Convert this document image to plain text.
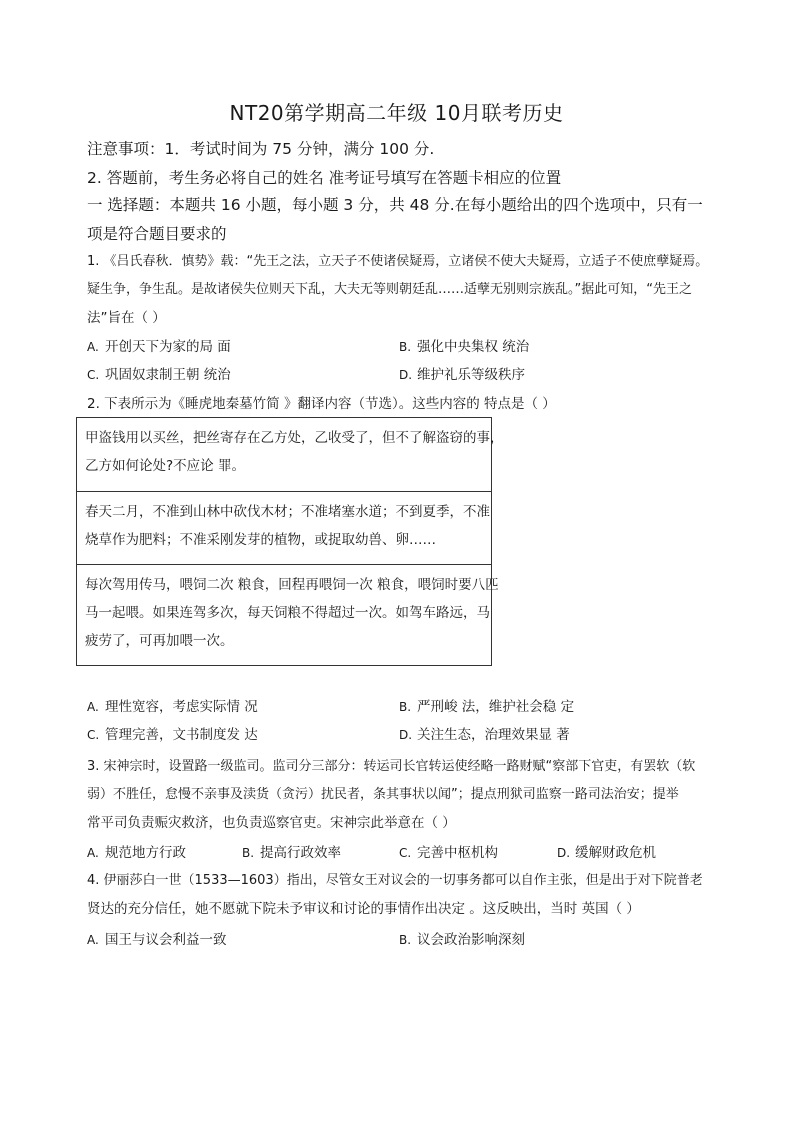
NT20第学期高二年级 10月联考历史
注意事项：1．考试时间为 75 分钟，满分 100 分.
2. 答题前，考生务必将自己的姓名 准考证号填写在答题卡相应的位置
一 选择题：本题共 16 小题，每小题 3 分，共 48 分.在每小题给出的四个选项中，只有一
项是符合题目要求的
1. 《吕氏春秋．慎势》载：“先王之法，立天子不使诸侯疑焉，立诸侯不使大夫疑焉，立适子不使庶孽疑焉。
疑生争，争生乱。是故诸侯失位则天下乱，大夫无等则朝廷乱……适孽无别则宗族乱。”据此可知，“先王之
法”旨在（ ）
A. 开创天下为家的局 面	B. 强化中央集权 统治
C. 巩固奴隶制王朝 统治	D. 维护礼乐等级秩序
2. 下表所示为《睡虎地秦墓竹简 》翻译内容（节选）。这些内容的 特点是（ ）
甲盗钱用以买丝，把丝寄存在乙方处，乙收受了，但不了解盗窃的事，
乙方如何论处?不应论 罪。
春天二月，不准到山林中砍伐木材；不准堵塞水道；不到夏季，不准
烧草作为肥料；不准采刚发芽的植物，或捉取幼兽、卵……
每次驾用传马，喂饲二次 粮食，回程再喂饲一次 粮食，喂饲时要八匹
马一起喂。如果连驾多次，每天饲粮不得超过一次。如驾车路远，马
疲劳了，可再加喂一次。
A. 理性宽容，考虑实际情 况	B. 严刑峻 法，维护社会稳 定
C. 管理完善，文书制度发 达	D. 关注生态，治理效果显 著
3. 宋神宗时，设置路一级监司。监司分三部分：转运司长官转运使经略一路财赋“察部下官吏，有罢软（软
弱）不胜任，怠慢不亲事及渎货（贪污）扰民者，条其事状以闻”；提点刑狱司监察一路司法治安；提举
常平司负责赈灾救济，也负责巡察官吏。宋神宗此举意在（ ）
A. 规范地方行政	B. 提高行政效率	C. 完善中枢机构	D. 缓解财政危机
4. 伊丽莎白一世（1533—1603）指出，尽管女王对议会的一切事务都可以自作主张，但是出于对下院普老
贤达的充分信任，她不愿就下院未予审议和讨论的事情作出决定 。这反映出，当时 英国（ ）
A. 国王与议会利益一致	B. 议会政治影响深刻
